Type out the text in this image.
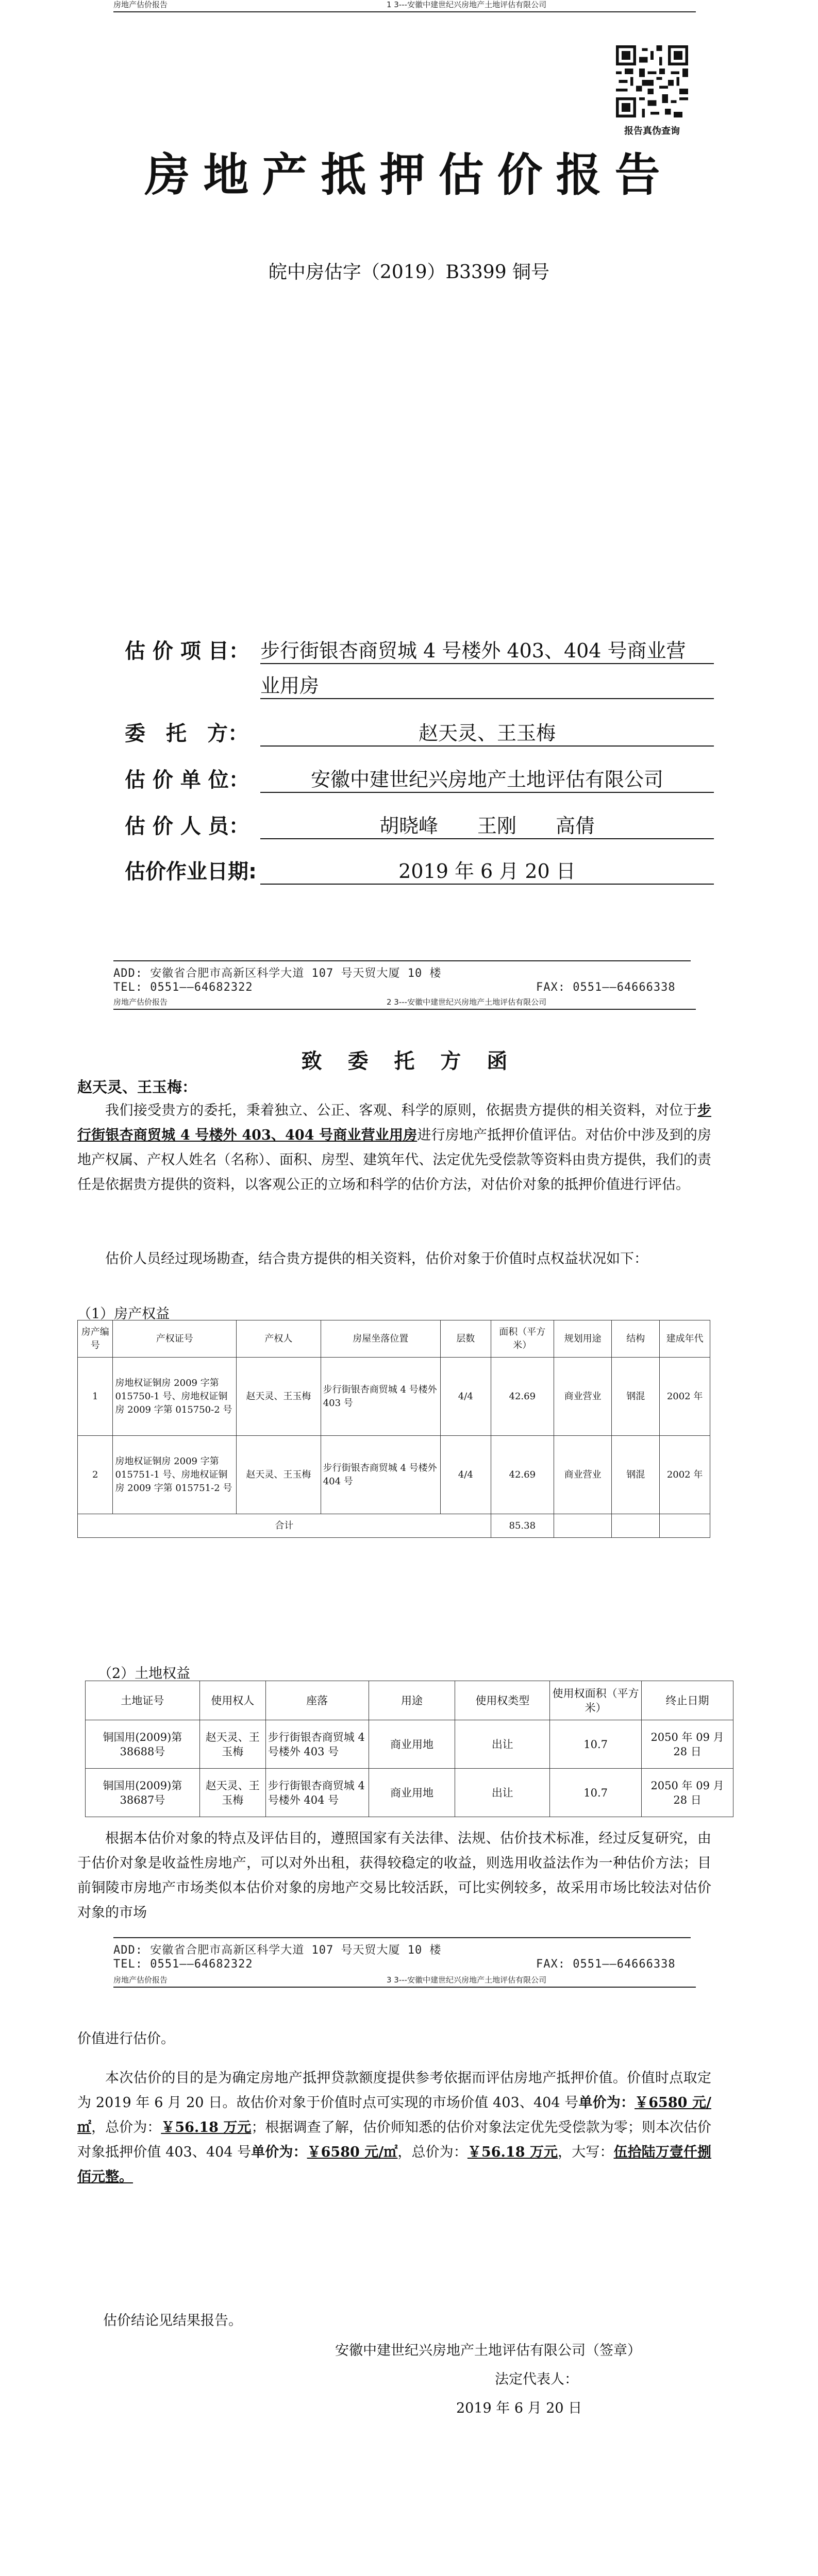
房地产估价报告	1 3---安徽中建世纪兴房地产土地评估有限公司
报告真伪查询
房地产抵押估价报告
皖中房估字（2019）B3399 铜号
估 价 项 目： 步行街银杏商贸城 4 号楼外 403、404 号商业营
业用房
委　托　方：	赵天灵、王玉梅
估 价 单 位：	安徽中建世纪兴房地产土地评估有限公司
估 价 人 员：	胡晓峰　　王刚　　高倩
估价作业日期:	2019 年 6 月 20 日
ADD: 安徽省合肥市高新区科学大道 107 号天贸大厦 10 楼
TEL: 0551——64682322	FAX: 0551——64666338
房地产估价报告	2 3---安徽中建世纪兴房地产土地评估有限公司
致 委 托 方 函
赵天灵、王玉梅：
我们接受贵方的委托，秉着独立、公正、客观、科学的原则，依据贵方提供的相关资料，对位于步行街银杏商贸城 4 号楼外 403、404 号商业营业用房进行房地产抵押价值评估。对估价中涉及到的房地产权属、产权人姓名（名称）、面积、房型、建筑年代、法定优先受偿款等资料由贵方提供，我们的责任是依据贵方提供的资料，以客观公正的立场和科学的估价方法，对估价对象的抵押价值进行评估。
估价人员经过现场勘查，结合贵方提供的相关资料，估价对象于价值时点权益状况如下：
（1）房产权益
房产编号	产权证号	产权人	房屋坐落位置	层数	面积（平方米）	规划用途	结构	建成年代
1	房地权证铜房 2009 字第 015750-1 号、房地权证铜房 2009 字第 015750-2 号	赵天灵、王玉梅	步行街银杏商贸城 4 号楼外 403 号	4/4	42.69	商业营业	钢混	2002 年
2	房地权证铜房 2009 字第 015751-1 号、房地权证铜房 2009 字第 015751-2 号	赵天灵、王玉梅	步行街银杏商贸城 4 号楼外 404 号	4/4	42.69	商业营业	钢混	2002 年
合计					85.38			
（2）土地权益
土地证号	使用权人	座落	用途	使用权类型	使用权面积（平方米）	终止日期
铜国用(2009)第38688号	赵天灵、王玉梅	步行街银杏商贸城 4 号楼外 403 号	商业用地	出让	10.7	2050 年 09 月 28 日
铜国用(2009)第38687号	赵天灵、王玉梅	步行街银杏商贸城 4 号楼外 404 号	商业用地	出让	10.7	2050 年 09 月 28 日
根据本估价对象的特点及评估目的，遵照国家有关法律、法规、估价技术标准，经过反复研究，由于估价对象是收益性房地产，可以对外出租，获得较稳定的收益，则选用收益法作为一种估价方法；目前铜陵市房地产市场类似本估价对象的房地产交易比较活跃，可比实例较多，故采用市场比较法对估价对象的市场
ADD: 安徽省合肥市高新区科学大道 107 号天贸大厦 10 楼
TEL: 0551——64682322	FAX: 0551——64666338
房地产估价报告	3 3---安徽中建世纪兴房地产土地评估有限公司
价值进行估价。
本次估价的目的是为确定房地产抵押贷款额度提供参考依据而评估房地产抵押价值。价值时点取定为 2019 年 6 月 20 日。故估价对象于价值时点可实现的市场价值 403、404 号单价为：￥6580 元/㎡，总价为：￥56.18 万元；根据调查了解，估价师知悉的估价对象法定优先受偿款为零；则本次估价对象抵押价值 403、404 号单价为：￥6580 元/㎡，总价为：￥56.18 万元，大写：伍拾陆万壹仟捌佰元整。
估价结论见结果报告。
安徽中建世纪兴房地产土地评估有限公司（签章）
法定代表人：
2019 年 6 月 20 日
